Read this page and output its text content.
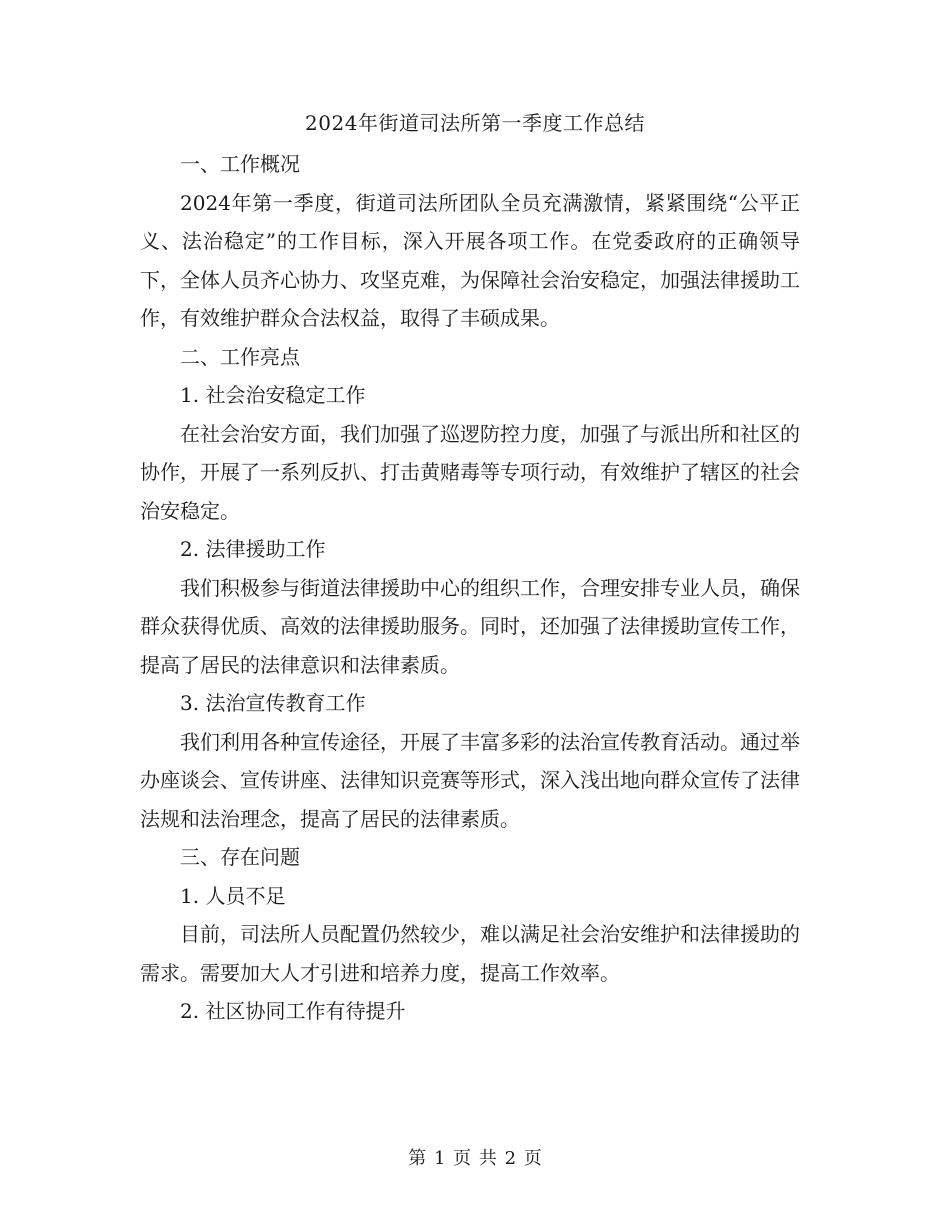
2024年街道司法所第一季度工作总结

一、工作概况

2024年第一季度，街道司法所团队全员充满激情，紧紧围绕“公平正义、法治稳定”的工作目标，深入开展各项工作。在党委政府的正确领导下，全体人员齐心协力、攻坚克难，为保障社会治安稳定，加强法律援助工作，有效维护群众合法权益，取得了丰硕成果。

二、工作亮点

1. 社会治安稳定工作

在社会治安方面，我们加强了巡逻防控力度，加强了与派出所和社区的协作，开展了一系列反扒、打击黄赌毒等专项行动，有效维护了辖区的社会治安稳定。

2. 法律援助工作

我们积极参与街道法律援助中心的组织工作，合理安排专业人员，确保群众获得优质、高效的法律援助服务。同时，还加强了法律援助宣传工作，提高了居民的法律意识和法律素质。

3. 法治宣传教育工作

我们利用各种宣传途径，开展了丰富多彩的法治宣传教育活动。通过举办座谈会、宣传讲座、法律知识竞赛等形式，深入浅出地向群众宣传了法律法规和法治理念，提高了居民的法律素质。

三、存在问题

1. 人员不足

目前，司法所人员配置仍然较少，难以满足社会治安维护和法律援助的需求。需要加大人才引进和培养力度，提高工作效率。

2. 社区协同工作有待提升

第 1 页 共 2 页
